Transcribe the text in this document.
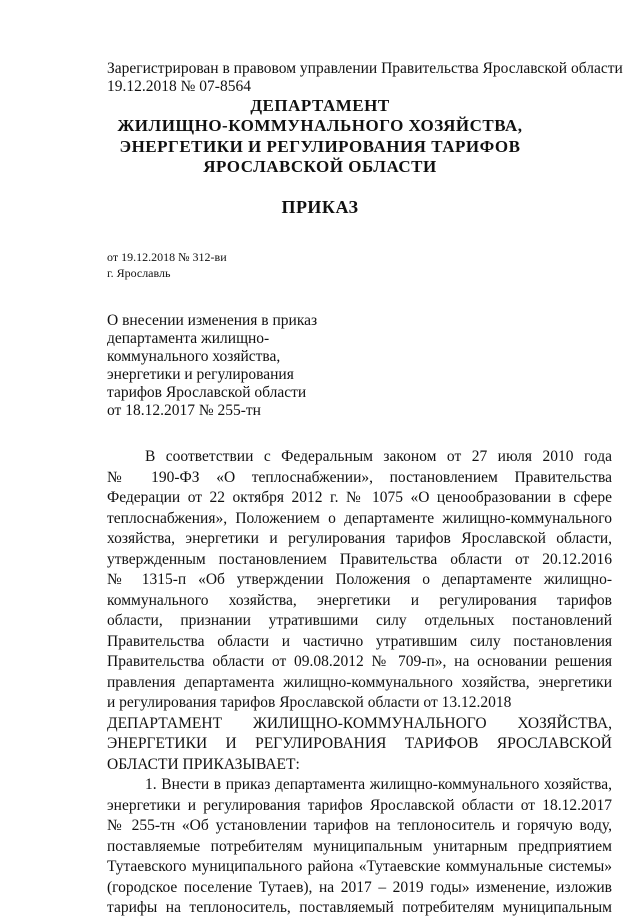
Зарегистрирован в правовом управлении Правительства Ярославской области
19.12.2018 № 07-8564
ДЕПАРТАМЕНТ
ЖИЛИЩНО-КОММУНАЛЬНОГО ХОЗЯЙСТВА,
ЭНЕРГЕТИКИ И РЕГУЛИРОВАНИЯ ТАРИФОВ
ЯРОСЛАВСКОЙ ОБЛАСТИ
ПРИКАЗ
от 19.12.2018 № 312-ви
г. Ярославль
О внесении изменения в приказ
департамента жилищно-
коммунального хозяйства,
энергетики и регулирования
тарифов Ярославской области
от 18.12.2017 № 255-тн
В соответствии с Федеральным законом от 27 июля 2010 года
№ 190-ФЗ «О теплоснабжении», постановлением Правительства
Федерации от 22 октября 2012 г. № 1075 «О ценообразовании в сфере
теплоснабжения», Положением о департаменте жилищно-коммунального
хозяйства, энергетики и регулирования тарифов Ярославской области,
утвержденным постановлением Правительства области от 20.12.2016
№ 1315-п «Об утверждении Положения о департаменте жилищно-
коммунального хозяйства, энергетики и регулирования тарифов
области, признании утратившими силу отдельных постановлений
Правительства области и частично утратившим силу постановления
Правительства области от 09.08.2012 № 709-п», на основании решения
правления департамента жилищно-коммунального хозяйства, энергетики
и регулирования тарифов Ярославской области от 13.12.2018
ДЕПАРТАМЕНТ ЖИЛИЩНО-КОММУНАЛЬНОГО ХОЗЯЙСТВА,
ЭНЕРГЕТИКИ И РЕГУЛИРОВАНИЯ ТАРИФОВ ЯРОСЛАВСКОЙ
ОБЛАСТИ ПРИКАЗЫВАЕТ:
1. Внести в приказ департамента жилищно-коммунального хозяйства,
энергетики и регулирования тарифов Ярославской области от 18.12.2017
№ 255-тн «Об установлении тарифов на теплоноситель и горячую воду,
поставляемые потребителям муниципальным унитарным предприятием
Тутаевского муниципального района «Тутаевские коммунальные системы»
(городское поселение Тутаев), на 2017 – 2019 годы» изменение, изложив
тарифы на теплоноситель, поставляемый потребителям муниципальным
